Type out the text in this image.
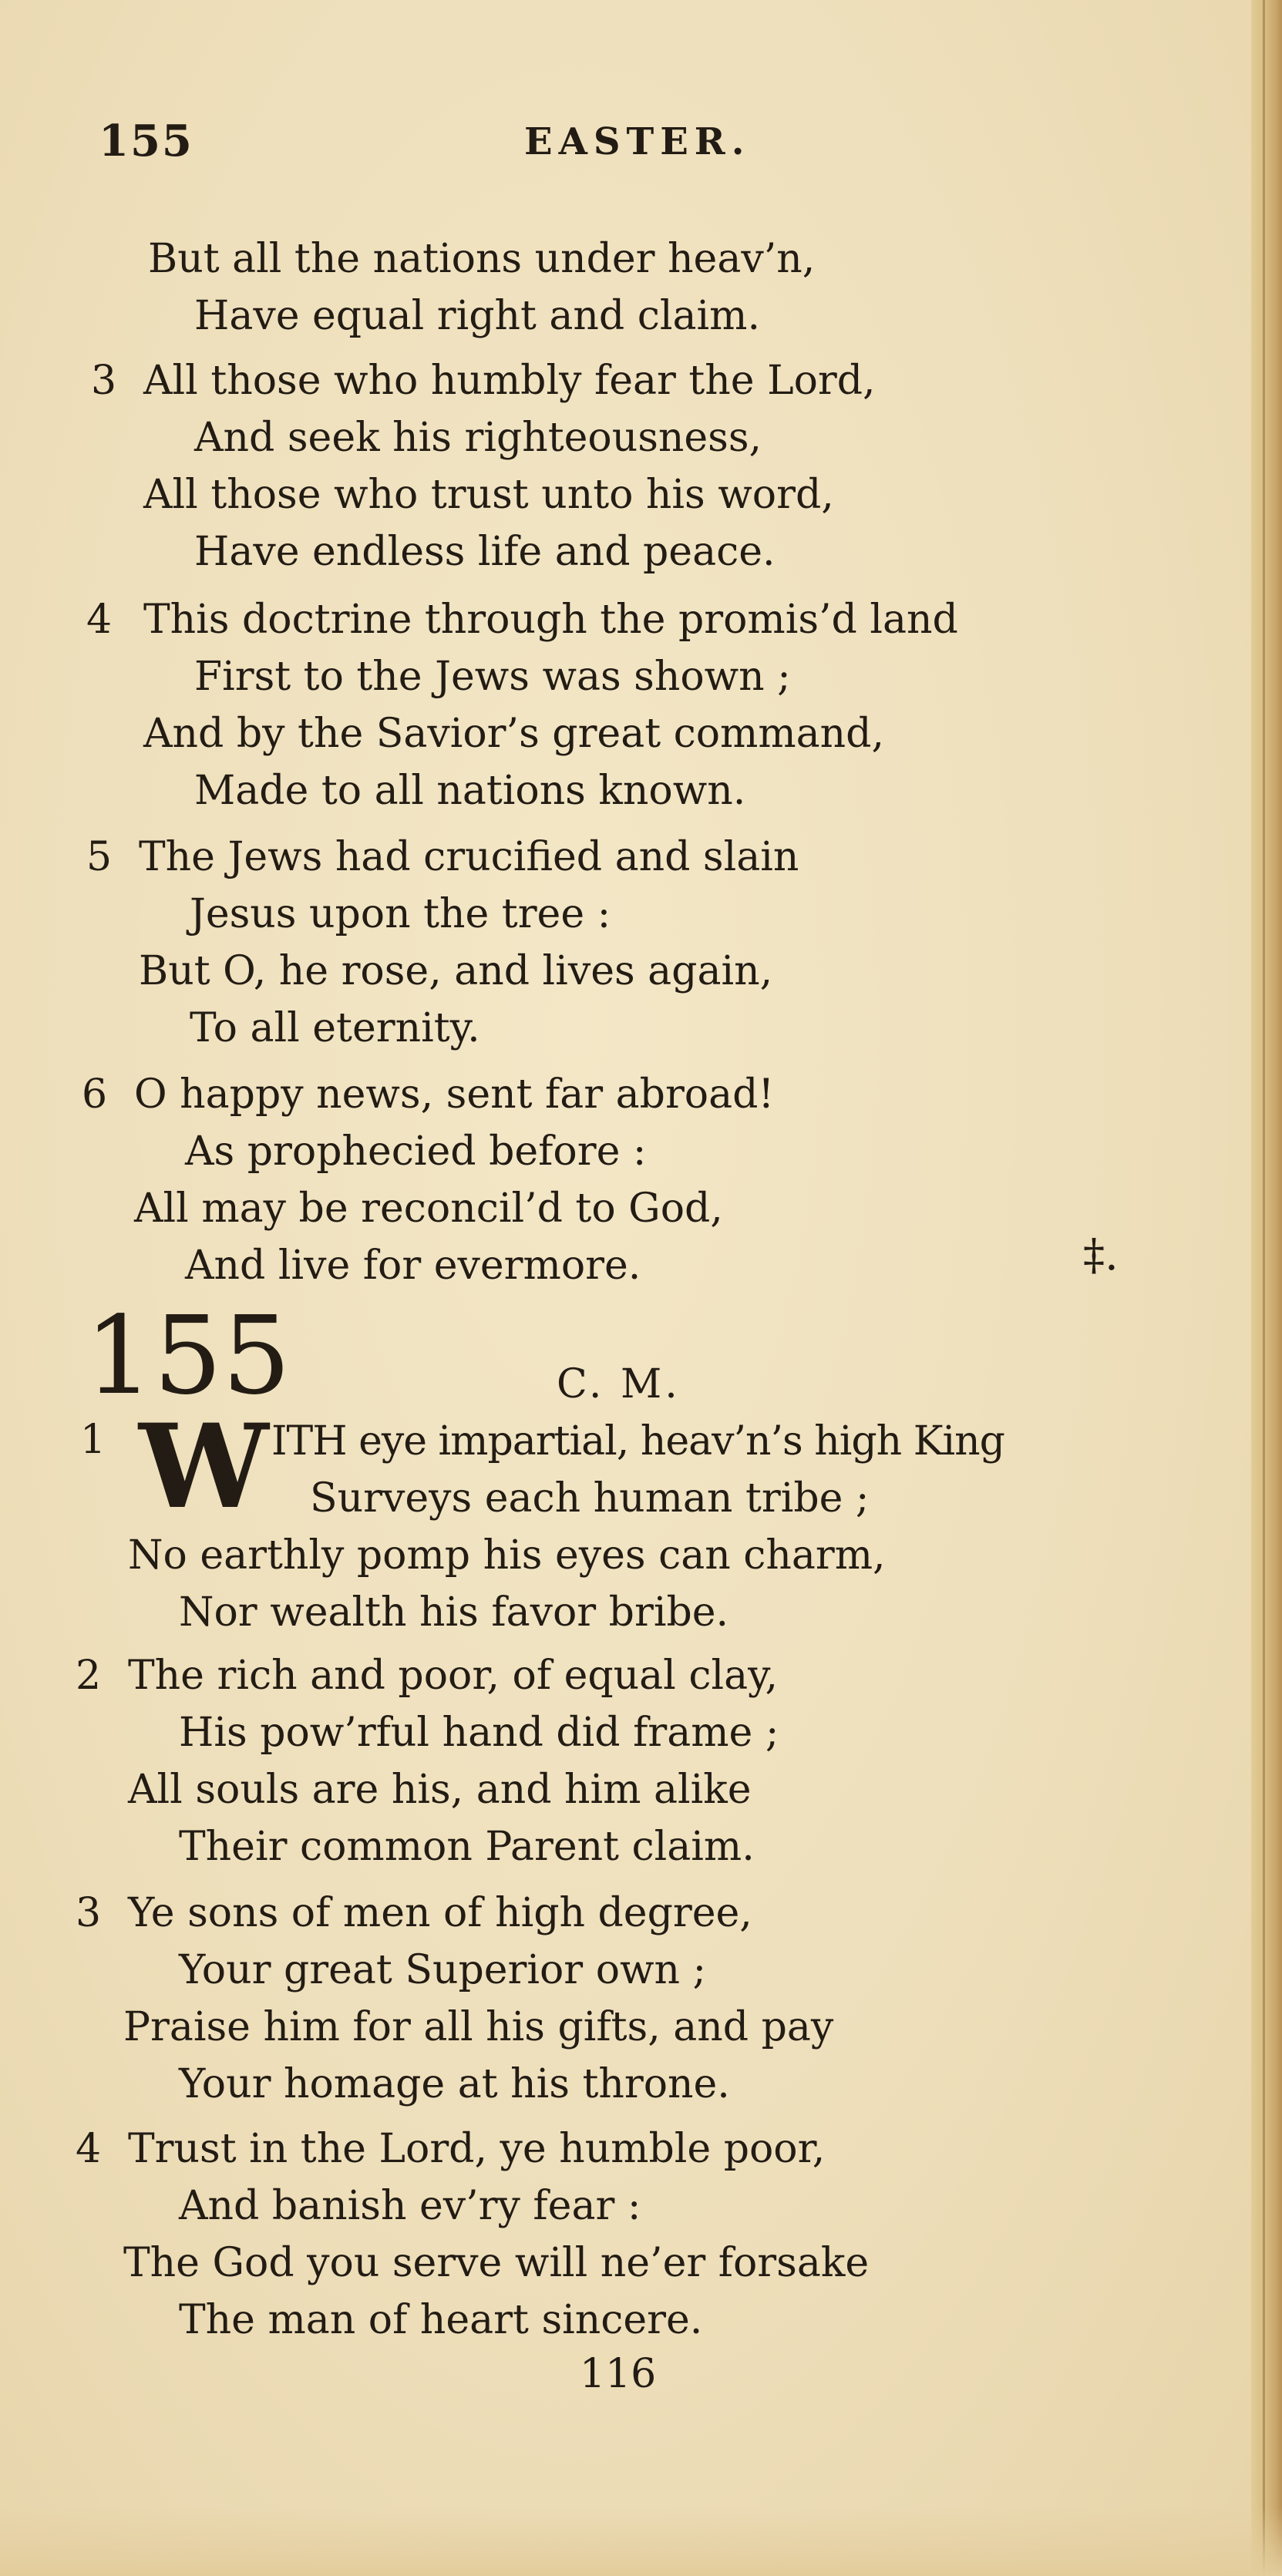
155	EASTER.
But all the nations under heav’n,
Have equal right and claim.
3 All those who humbly fear the Lord,
And seek his righteousness,
All those who trust unto his word,
Have endless life and peace.
4 This doctrine through the promis’d land
First to the Jews was shown ;
And by the Savior’s great command,
Made to all nations known.
5 The Jews had crucified and slain
Jesus upon the tree :
But O, he rose, and lives again,
To all eternity.
6 O happy news, sent far abroad!
As prophecied before :
All may be reconcil’d to God,
And live for evermore.	‡.
155	C. M.
1 W ITH eye impartial, heav’n’s high King
Surveys each human tribe ;
No earthly pomp his eyes can charm,
Nor wealth his favor bribe.
2 The rich and poor, of equal clay,
His pow’rful hand did frame ;
All souls are his, and him alike
Their common Parent claim.
3 Ye sons of men of high degree,
Your great Superior own ;
Praise him for all his gifts, and pay
Your homage at his throne.
4 Trust in the Lord, ye humble poor,
And banish ev’ry fear :
The God you serve will ne’er forsake
The man of heart sincere.
116
